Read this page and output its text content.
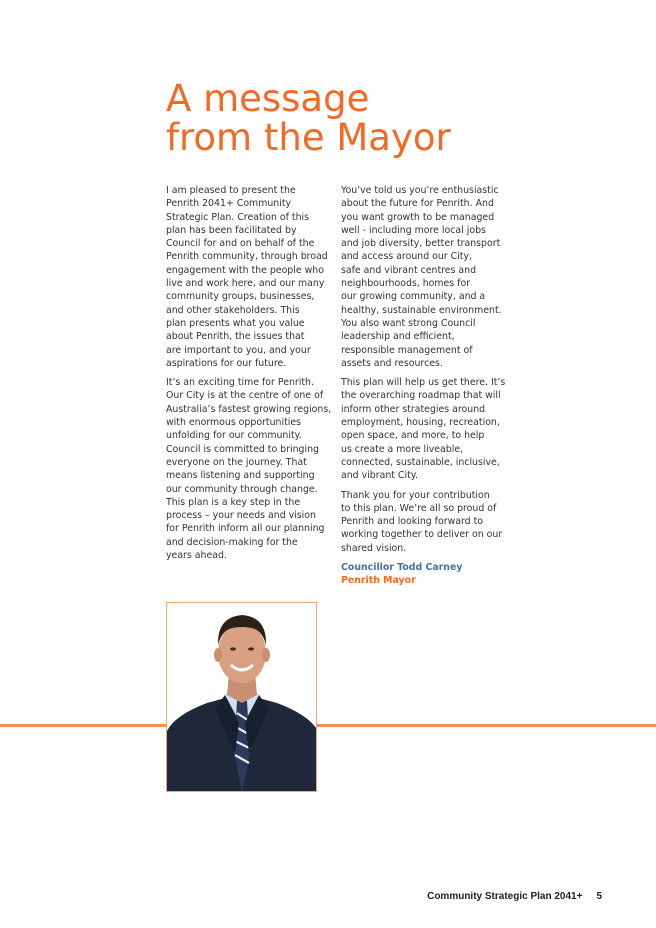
A message
from the Mayor

I am pleased to present the
Penrith 2041+ Community
Strategic Plan. Creation of this
plan has been facilitated by
Council for and on behalf of the
Penrith community, through broad
engagement with the people who
live and work here, and our many
community groups, businesses,
and other stakeholders. This
plan presents what you value
about Penrith, the issues that
are important to you, and your
aspirations for our future.

It’s an exciting time for Penrith.
Our City is at the centre of one of
Australia’s fastest growing regions,
with enormous opportunities
unfolding for our community.
Council is committed to bringing
everyone on the journey. That
means listening and supporting
our community through change.
This plan is a key step in the
process – your needs and vision
for Penrith inform all our planning
and decision-making for the
years ahead.

You’ve told us you’re enthusiastic
about the future for Penrith. And
you want growth to be managed
well - including more local jobs
and job diversity, better transport
and access around our City,
safe and vibrant centres and
neighbourhoods, homes for
our growing community, and a
healthy, sustainable environment.
You also want strong Council
leadership and efficient,
responsible management of
assets and resources.

This plan will help us get there. It’s
the overarching roadmap that will
inform other strategies around
employment, housing, recreation,
open space, and more, to help
us create a more liveable,
connected, sustainable, inclusive,
and vibrant City.

Thank you for your contribution
to this plan. We’re all so proud of
Penrith and looking forward to
working together to deliver on our
shared vision.

Councillor Todd Carney
Penrith Mayor
Community Strategic Plan 2041+ 5
